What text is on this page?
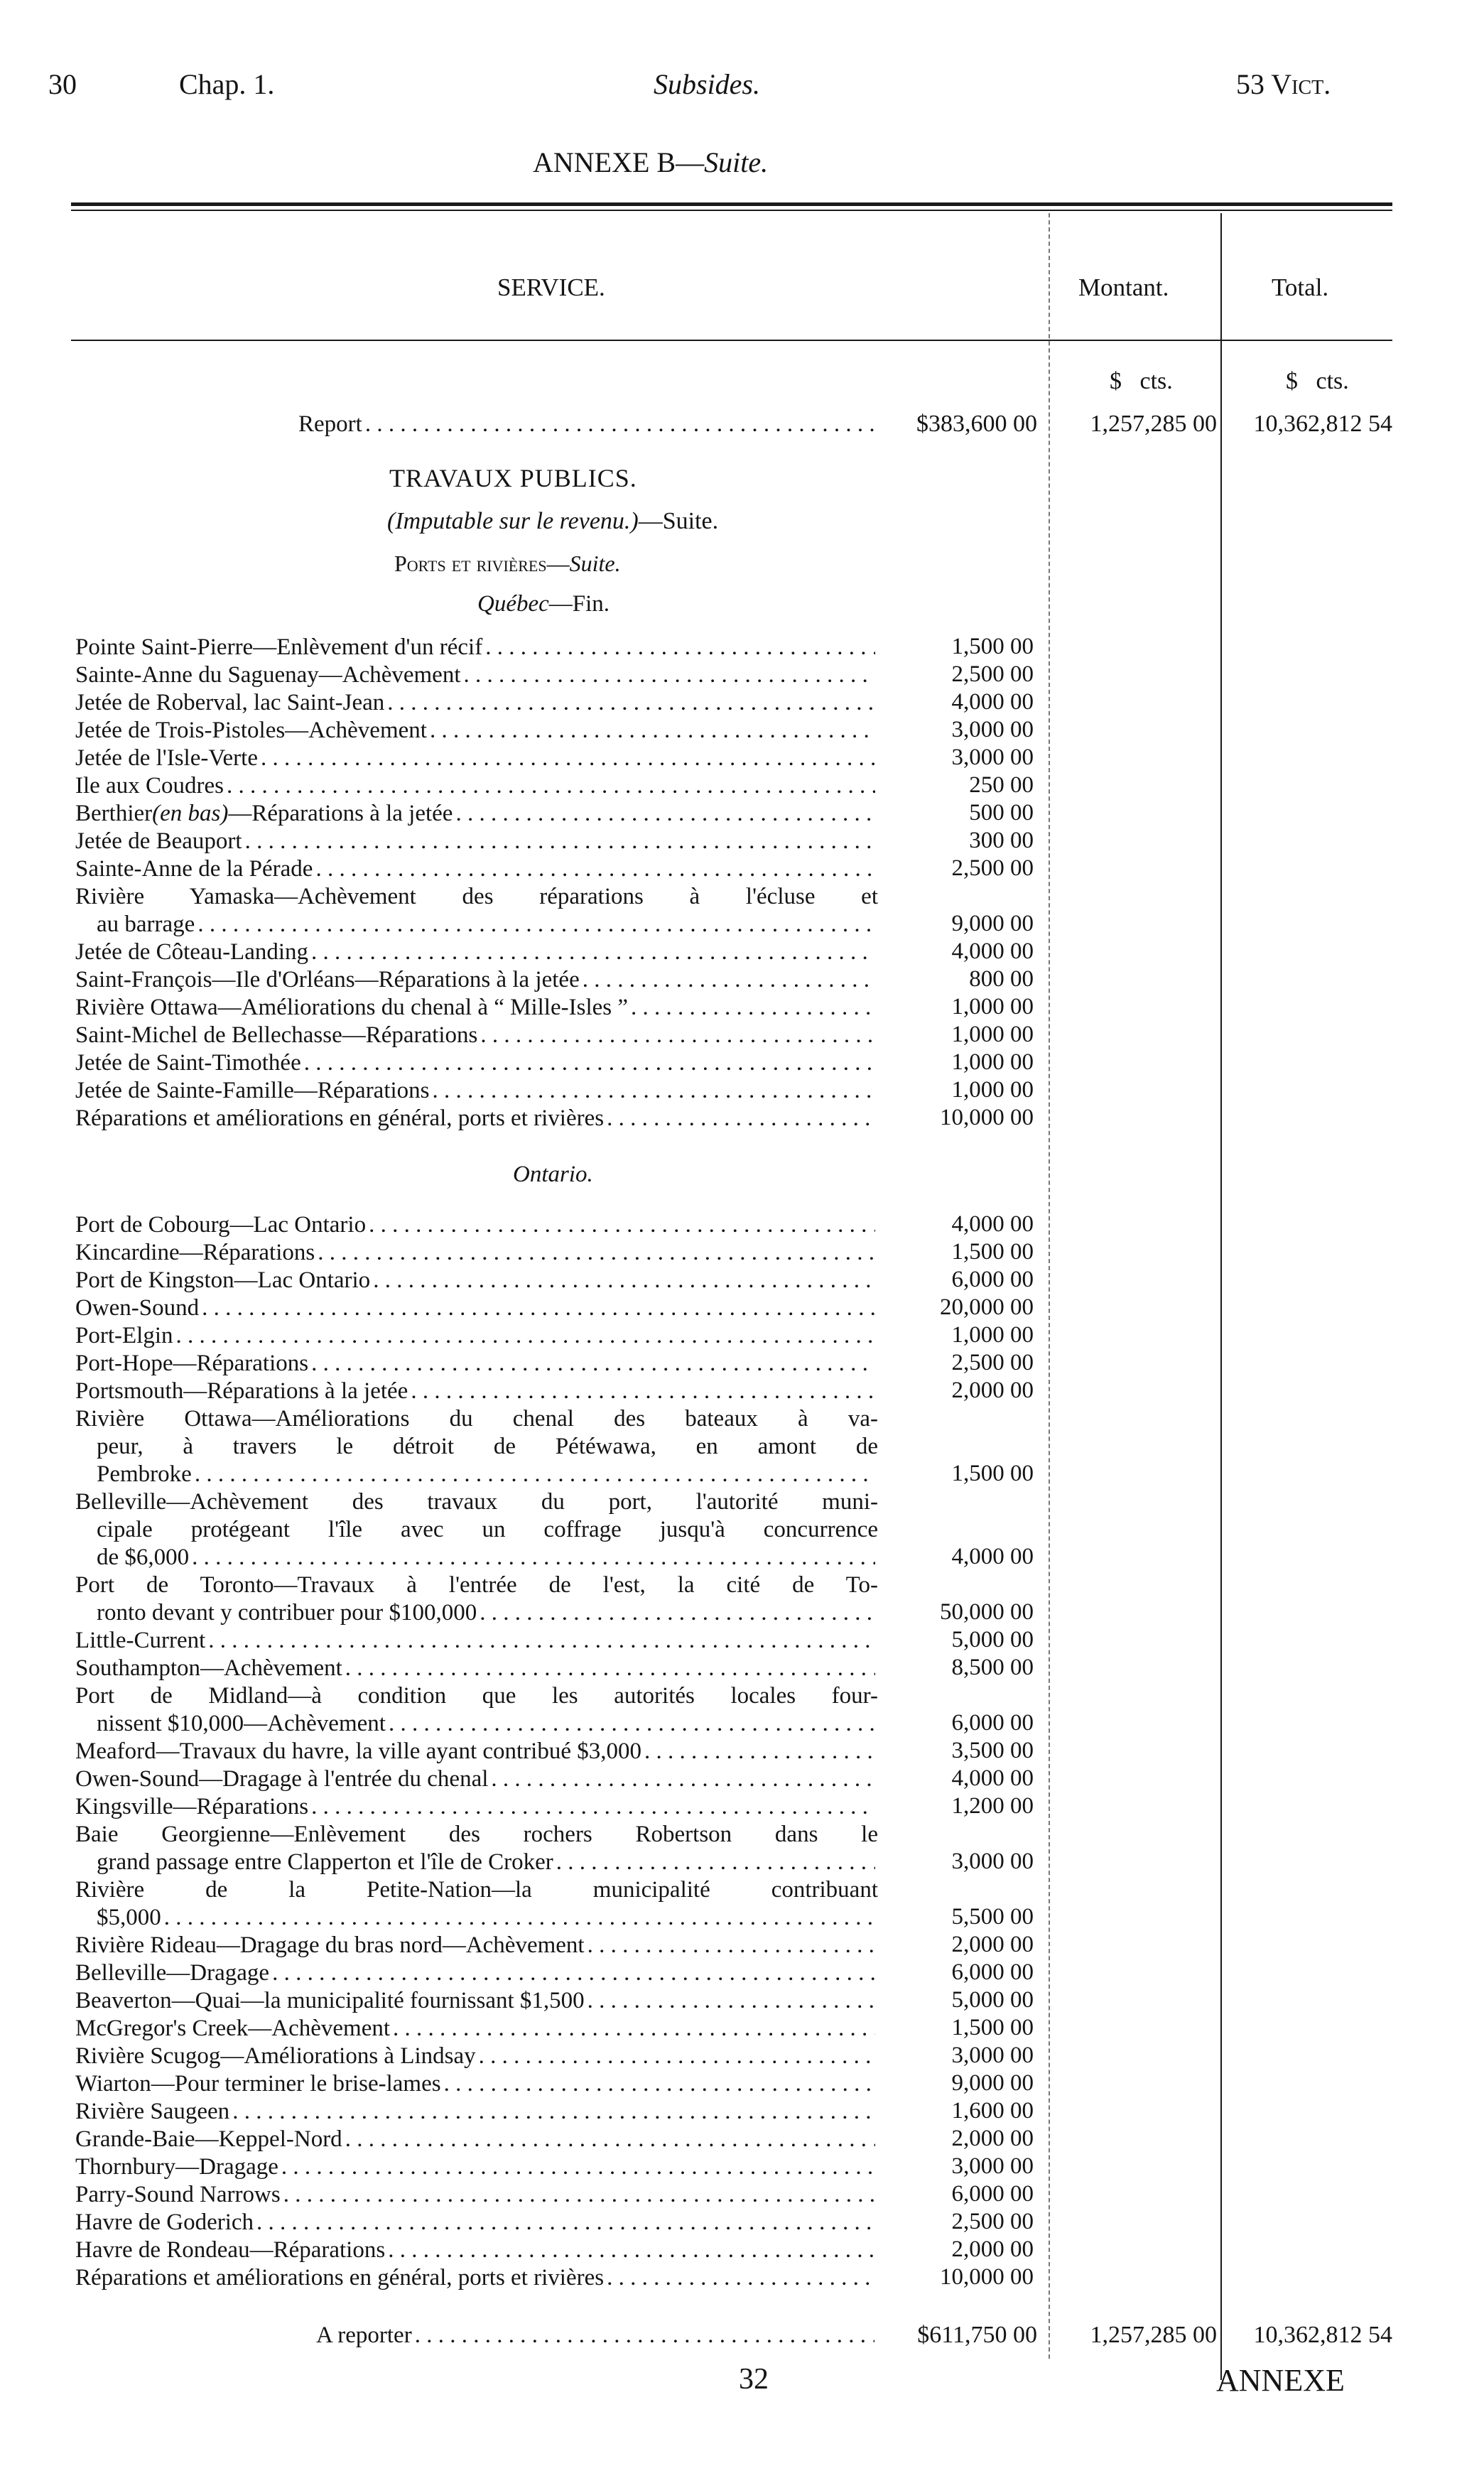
30	Chap. 1.	Subsides.	53 Vict.
ANNEXE B—Suite.
SERVICE.	Montant.	Total.
$   cts.	$   cts.
Report . . .	$383,600 00	1,257,285 00	10,362,812 54
TRAVAUX PUBLICS.
(Imputable sur le revenu.)—Suite.
Ports et rivières—Suite.
Québec—Fin.
Pointe Saint-Pierre—Enlèvement d'un récif . . .	1,500 00
Sainte-Anne du Saguenay—Achèvement . . .	2,500 00
Jetée de Roberval, lac Saint-Jean . . .	4,000 00
Jetée de Trois-Pistoles—Achèvement . . .	3,000 00
Jetée de l'Isle-Verte . . .	3,000 00
Ile aux Coudres . . .	250 00
Berthier (en bas) —Réparations à la jetée . . .	500 00
Jetée de Beauport . . .	300 00
Sainte-Anne de la Pérade . . .	2,500 00
Rivière Yamaska—Achèvement des réparations à l'écluse et
au barrage . . .	9,000 00
Jetée de Côteau-Landing . . .	4,000 00
Saint-François—Ile d'Orléans—Réparations à la jetée . . .	800 00
Rivière Ottawa—Améliorations du chenal à “ Mille-Isles ” . . .	1,000 00
Saint-Michel de Bellechasse—Réparations . . .	1,000 00
Jetée de Saint-Timothée . . .	1,000 00
Jetée de Sainte-Famille—Réparations . . .	1,000 00
Réparations et améliorations en général, ports et rivières . . .	10,000 00
Ontario.
Port de Cobourg—Lac Ontario . . .	4,000 00
Kincardine—Réparations . . .	1,500 00
Port de Kingston—Lac Ontario . . .	6,000 00
Owen-Sound . . .	20,000 00
Port-Elgin . . .	1,000 00
Port-Hope—Réparations . . .	2,500 00
Portsmouth—Réparations à la jetée . . .	2,000 00
Rivière Ottawa—Améliorations du chenal des bateaux à va-
peur, à travers le détroit de Pétéwawa, en amont de
Pembroke . . .	1,500 00
Belleville—Achèvement des travaux du port, l'autorité muni-
cipale protégeant l'île avec un coffrage jusqu'à concurrence
de $6,000 . . .	4,000 00
Port de Toronto—Travaux à l'entrée de l'est, la cité de To-
ronto devant y contribuer pour $100,000 . . .	50,000 00
Little-Current . . .	5,000 00
Southampton—Achèvement . . .	8,500 00
Port de Midland—à condition que les autorités locales four-
nissent $10,000—Achèvement . . .	6,000 00
Meaford—Travaux du havre, la ville ayant contribué $3,000 . . .	3,500 00
Owen-Sound—Dragage à l'entrée du chenal . . .	4,000 00
Kingsville—Réparations . . .	1,200 00
Baie Georgienne—Enlèvement des rochers Robertson dans le
grand passage entre Clapperton et l'île de Croker . . .	3,000 00
Rivière de la Petite-Nation—la municipalité contribuant
$5,000 . . .	5,500 00
Rivière Rideau—Dragage du bras nord—Achèvement . . .	2,000 00
Belleville—Dragage . . .	6,000 00
Beaverton—Quai—la municipalité fournissant $1,500 . . .	5,000 00
McGregor's Creek—Achèvement . . .	1,500 00
Rivière Scugog—Améliorations à Lindsay . . .	3,000 00
Wiarton—Pour terminer le brise-lames . . .	9,000 00
Rivière Saugeen . . .	1,600 00
Grande-Baie—Keppel-Nord . . .	2,000 00
Thornbury—Dragage . . .	3,000 00
Parry-Sound Narrows . . .	6,000 00
Havre de Goderich . . .	2,500 00
Havre de Rondeau—Réparations . . .	2,000 00
Réparations et améliorations en général, ports et rivières . . .	10,000 00
A reporter . . .	$611,750 00	1,257,285 00	10,362,812 54
32	ANNEXE
